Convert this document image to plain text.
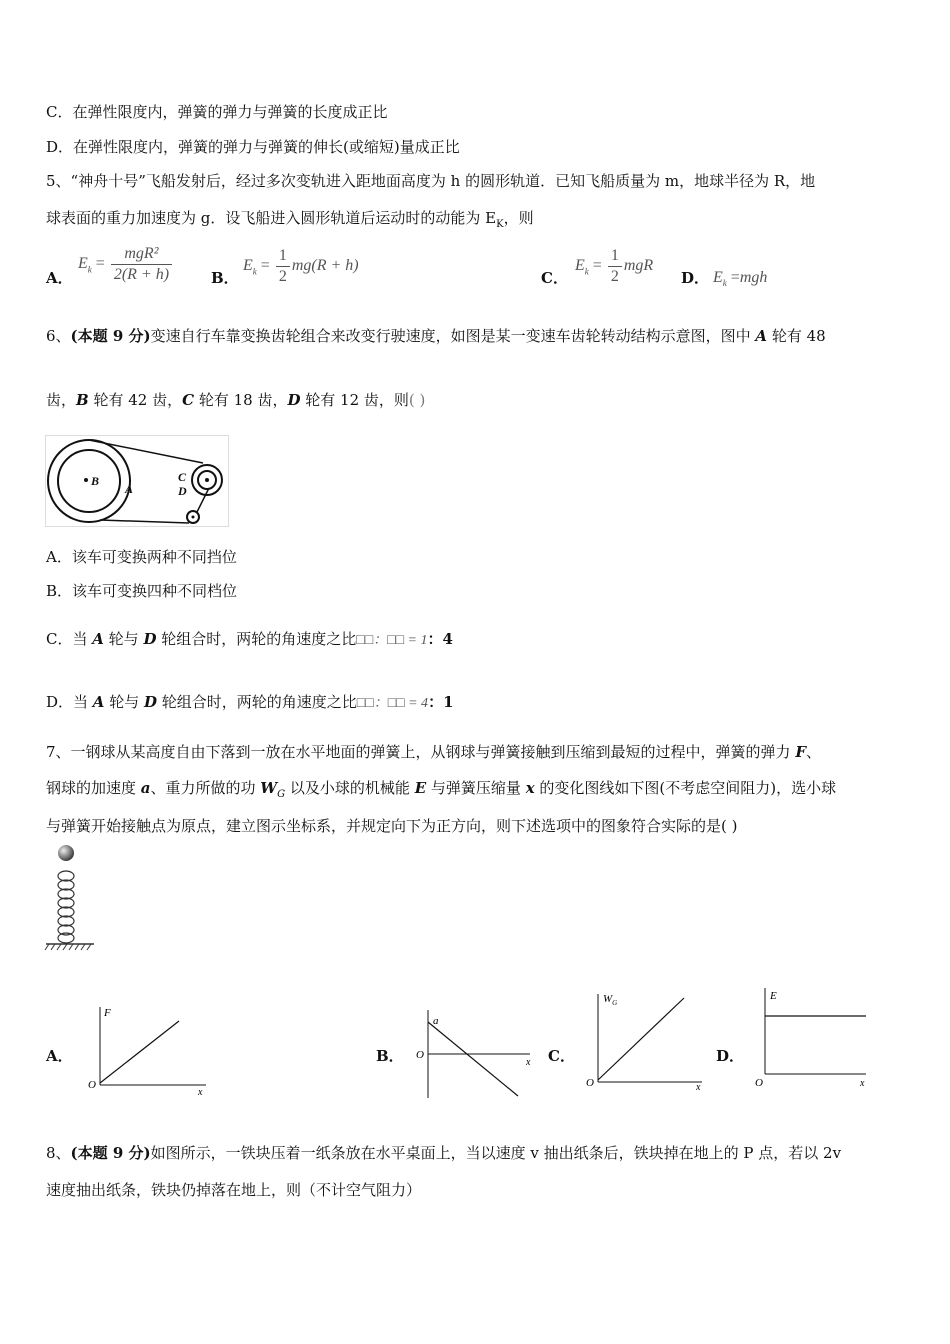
C．在弹性限度内，弹簧的弹力与弹簧的长度成正比
D．在弹性限度内，弹簧的弹力与弹簧的伸长(或缩短)量成正比
5、“神舟十号”飞船发射后，经过多次变轨进入距地面高度为 h 的圆形轨道．已知飞船质量为 m，地球半径为 R，地
球表面的重力加速度为 g．设飞船进入圆形轨道后运动时的动能为 $E_K$，则
A．
$E_k = \frac{\text{mgR²}}{2(R + h)}$	B．
$E_k = \frac{1}{2} mg(R + h)$
C．
$E_k = \frac{1}{2}$ mgR
D． $E_k =mgh$
6、(本题 9 分)变速自行车靠变换齿轮组合来改变行驶速度，如图是某一变速车齿轮转动结构示意图，图中 A 轮有 48
齿，B 轮有 42 齿，C 轮有 18 齿，D 轮有 12 齿，则( )
B
A
C
D
A．该车可变换两种不同挡位
B．该车可变换四种不同档位
C．当 A 轮与 D 轮组合时，两轮的角速度之比□□：□□ = 1：4
D．当 A 轮与 D 轮组合时，两轮的角速度之比□□：□□ = 4：1
7、一钢球从某高度自由下落到一放在水平地面的弹簧上，从钢球与弹簧接触到压缩到最短的过程中，弹簧的弹力 F、
钢球的加速度 a、重力所做的功 $W_G$ 以及小球的机械能 E 与弹簧压缩量 x 的变化图线如下图(不考虑空间阻力)，选小球
与弹簧开始接触点为原点，建立图示坐标系，并规定向下为正方向，则下述选项中的图象符合实际的是( )
A．
F
O
x
B．
a
O
x C．
$W_G$
O	x
D．
E
O	x
8、(本题 9 分)如图所示，一铁块压着一纸条放在水平桌面上，当以速度 v 抽出纸条后，铁块掉在地上的 P 点，若以 2v
速度抽出纸条，铁块仍掉落在地上，则（不计空气阻力）
